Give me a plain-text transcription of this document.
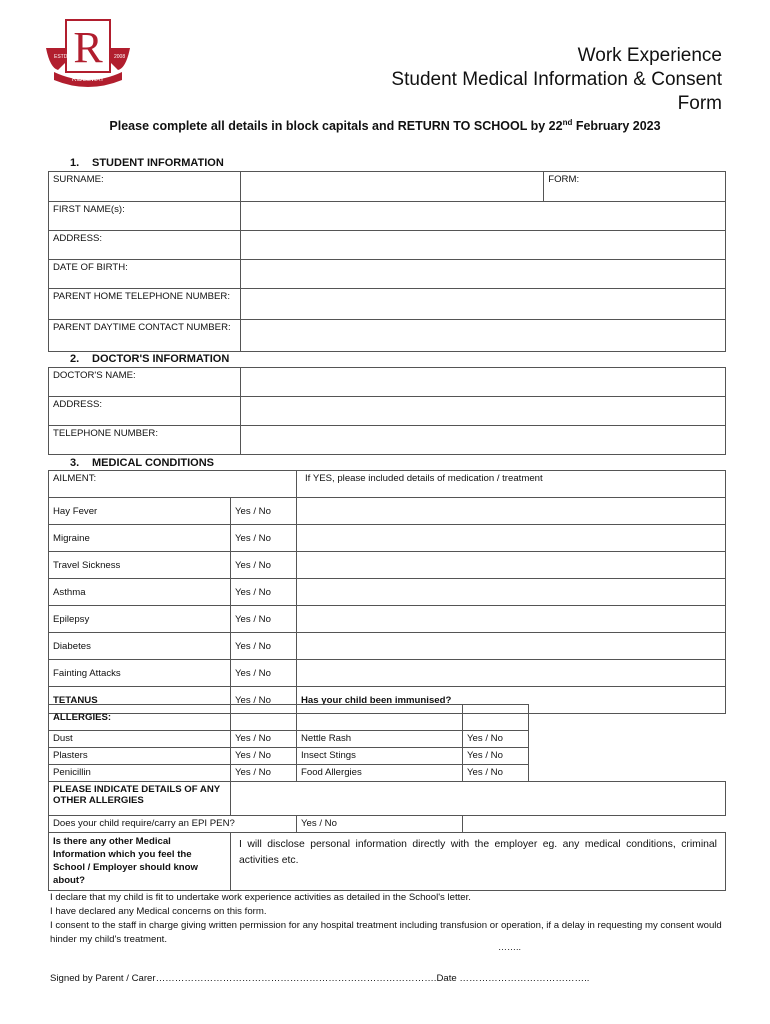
R
ESTD	2008
RIDGEWAY
Work Experience
Student Medical Information & Consent
Form
Please complete all details in block capitals and RETURN TO SCHOOL by 22nd February 2023
1. STUDENT INFORMATION
SURNAME:		FORM:
FIRST NAME(s):		
ADDRESS:		
DATE OF BIRTH:		
PARENT HOME TELEPHONE NUMBER:		
PARENT DAYTIME CONTACT NUMBER:		
2. DOCTOR'S INFORMATION
DOCTOR'S NAME:	
ADDRESS:	
TELEPHONE NUMBER:	
3. MEDICAL CONDITIONS
AILMENT:		If YES, please included details of medication / treatment
Hay Fever	Yes / No	
Migraine	Yes / No	
Travel Sickness	Yes / No	
Asthma	Yes / No	
Epilepsy	Yes / No	
Diabetes	Yes / No	
Fainting Attacks	Yes / No	
TETANUS	Yes / No	Has your child been immunised?
ALLERGIES:				
Dust	Yes / No	Nettle Rash	Yes / No	
Plasters	Yes / No	Insect Stings	Yes / No	
Penicillin	Yes / No	Food Allergies	Yes / No	
PLEASE INDICATE DETAILS OF ANY OTHER ALLERGIES				
Does your child require/carry an EPI PEN?		Yes / No		
Is there any other Medical Information which you feel the School / Employer should know about?	I will disclose personal information directly with the employer eg. any medical conditions, criminal activities etc.			
I declare that my child is fit to undertake work experience activities as detailed in the School's letter.
I have declared any Medical concerns on this form.
I consent to the staff in charge giving written permission for any hospital treatment including transfusion or operation, if a delay in requesting my consent would hinder my child's treatment.
……..
Signed by Parent / Carer…………………………………………………………………………….Date …………………………………..
